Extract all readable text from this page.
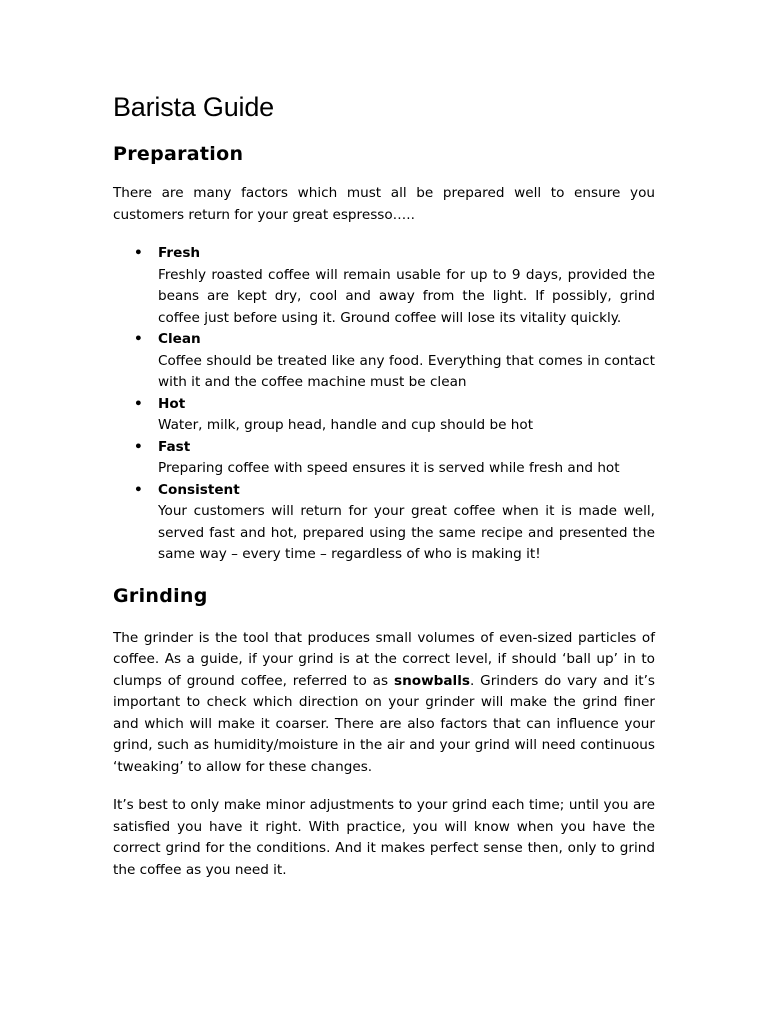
Barista Guide
Preparation

There are many factors which must all be prepared well to ensure you customers return for your great espresso…..

• Fresh
Freshly roasted coffee will remain usable for up to 9 days, provided the beans are kept dry, cool and away from the light. If possibly, grind coffee just before using it. Ground coffee will lose its vitality quickly.
• Clean
Coffee should be treated like any food. Everything that comes in contact with it and the coffee machine must be clean
• Hot
Water, milk, group head, handle and cup should be hot
• Fast
Preparing coffee with speed ensures it is served while fresh and hot
• Consistent
Your customers will return for your great coffee when it is made well, served fast and hot, prepared using the same recipe and presented the same way – every time – regardless of who is making it!
Grinding

The grinder is the tool that produces small volumes of even-sized particles of coffee. As a guide, if your grind is at the correct level, if should ‘ball up’ in to clumps of ground coffee, referred to as snowballs. Grinders do vary and it’s important to check which direction on your grinder will make the grind finer and which will make it coarser. There are also factors that can influence your grind, such as humidity/moisture in the air and your grind will need continuous ‘tweaking’ to allow for these changes.

It’s best to only make minor adjustments to your grind each time; until you are satisfied you have it right. With practice, you will know when you have the correct grind for the conditions. And it makes perfect sense then, only to grind the coffee as you need it.
